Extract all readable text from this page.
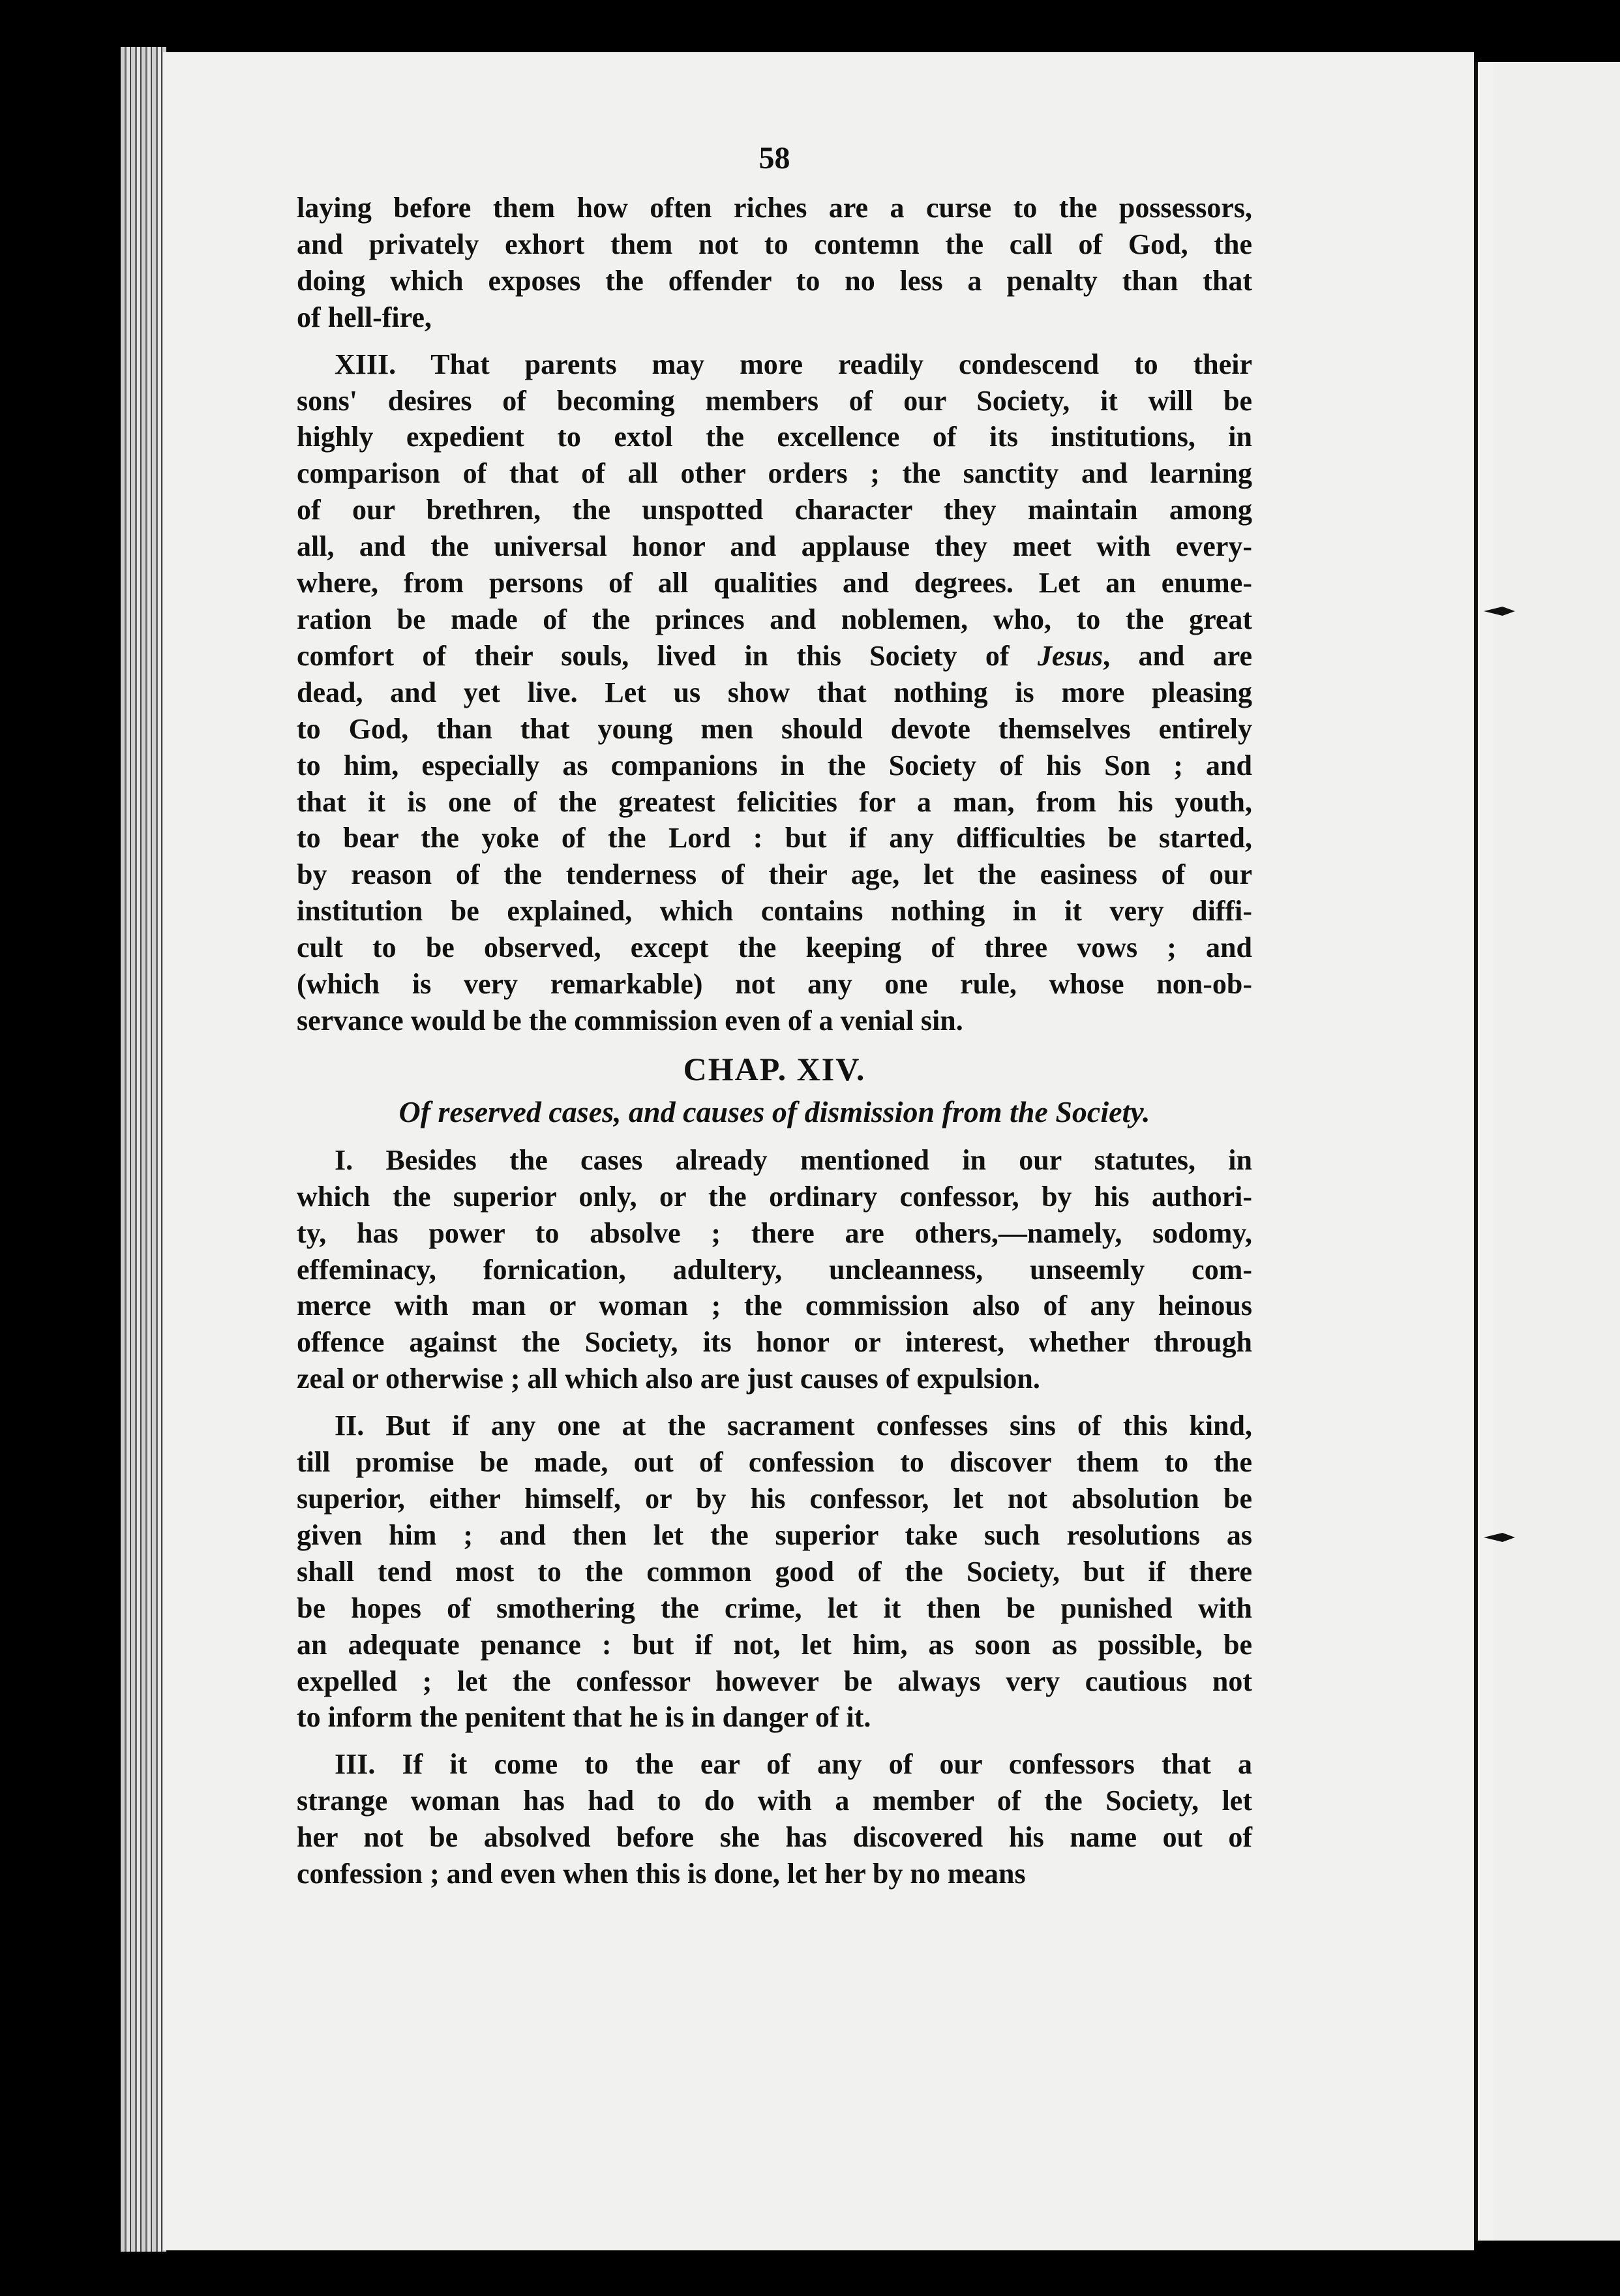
58
laying before them how often riches are a curse to the possessors,
and privately exhort them not to contemn the call of God, the
doing which exposes the offender to no less a penalty than that
of hell-fire,
XIII. That parents may more readily condescend to their
sons' desires of becoming members of our Society, it will be
highly expedient to extol the excellence of its institutions, in
comparison of that of all other orders ; the sanctity and learning
of our brethren, the unspotted character they maintain among
all, and the universal honor and applause they meet with every-
where, from persons of all qualities and degrees. Let an enume-
ration be made of the princes and noblemen, who, to the great
comfort of their souls, lived in this Society of Jesus, and are
dead, and yet live. Let us show that nothing is more pleasing
to God, than that young men should devote themselves entirely
to him, especially as companions in the Society of his Son ; and
that it is one of the greatest felicities for a man, from his youth,
to bear the yoke of the Lord : but if any difficulties be started,
by reason of the tenderness of their age, let the easiness of our
institution be explained, which contains nothing in it very diffi-
cult to be observed, except the keeping of three vows ; and
(which is very remarkable) not any one rule, whose non-ob-
servance would be the commission even of a venial sin.
CHAP. XIV.
Of reserved cases, and causes of dismission from the Society.
I. Besides the cases already mentioned in our statutes, in
which the superior only, or the ordinary confessor, by his authori-
ty, has power to absolve ; there are others,—namely, sodomy,
effeminacy, fornication, adultery, uncleanness, unseemly com-
merce with man or woman ; the commission also of any heinous
offence against the Society, its honor or interest, whether through
zeal or otherwise ; all which also are just causes of expulsion.
II. But if any one at the sacrament confesses sins of this kind,
till promise be made, out of confession to discover them to the
superior, either himself, or by his confessor, let not absolution be
given him ; and then let the superior take such resolutions as
shall tend most to the common good of the Society, but if there
be hopes of smothering the crime, let it then be punished with
an adequate penance : but if not, let him, as soon as possible, be
expelled ; let the confessor however be always very cautious not
to inform the penitent that he is in danger of it.
III. If it come to the ear of any of our confessors that a
strange woman has had to do with a member of the Society, let
her not be absolved before she has discovered his name out of
confession ; and even when this is done, let her by no means
